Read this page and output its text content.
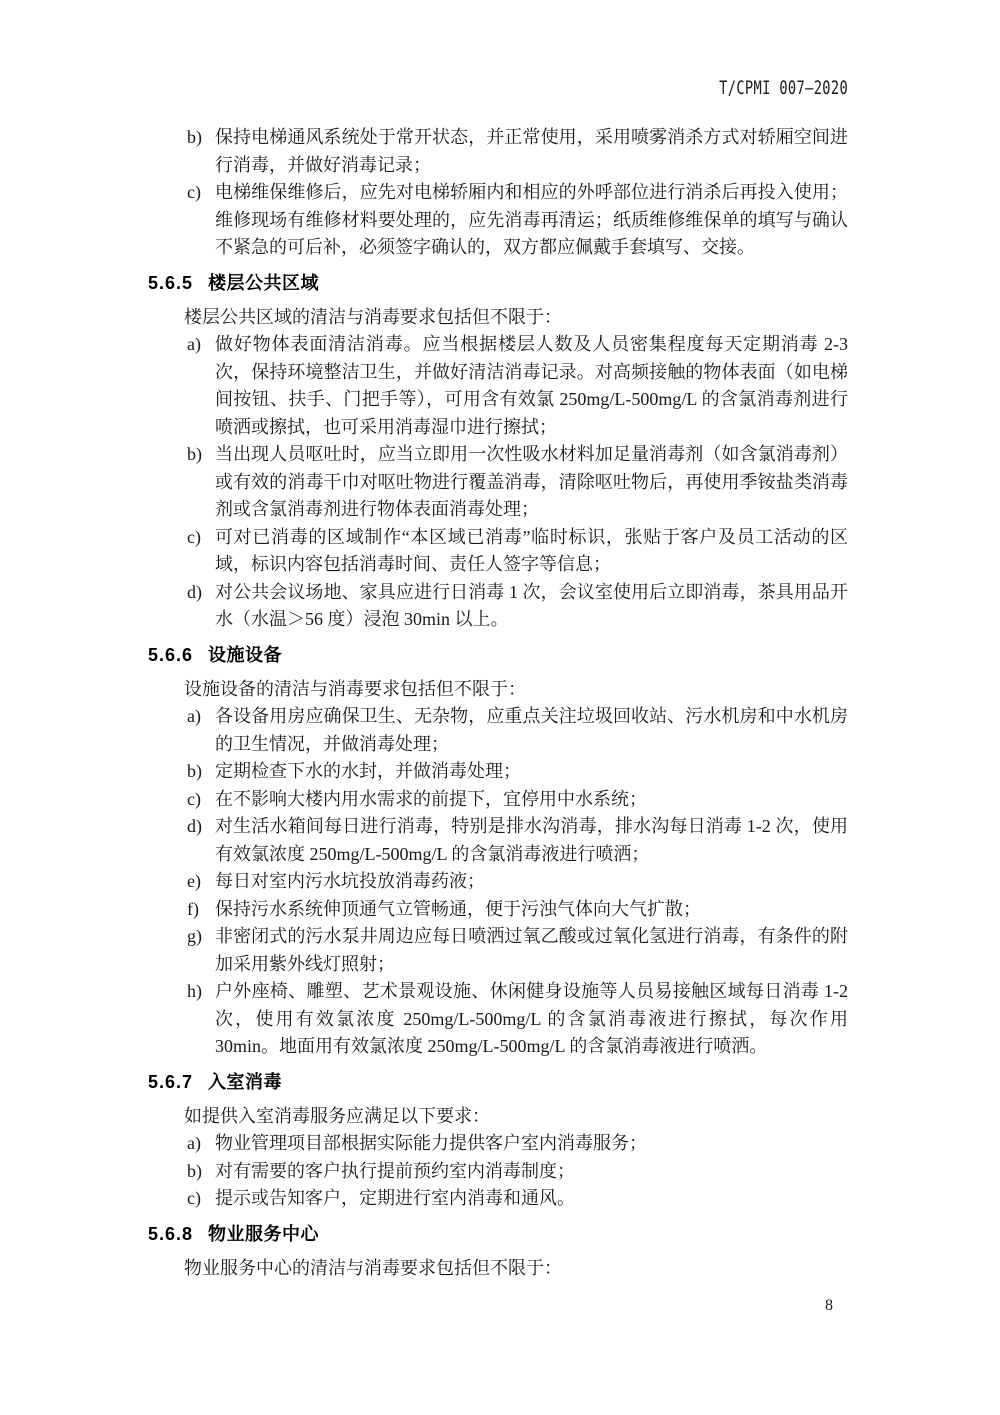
T/CPMI 007—2020
b) 保持电梯通风系统处于常开状态，并正常使用，采用喷雾消杀方式对轿厢空间进行消毒，并做好消毒记录；
c) 电梯维保维修后，应先对电梯轿厢内和相应的外呼部位进行消杀后再投入使用；维修现场有维修材料要处理的，应先消毒再清运；纸质维修维保单的填写与确认不紧急的可后补，必须签字确认的，双方都应佩戴手套填写、交接。
5.6.5 楼层公共区域

楼层公共区域的清洁与消毒要求包括但不限于：

a) 做好物体表面清洁消毒。应当根据楼层人数及人员密集程度每天定期消毒 2-3 次，保持环境整洁卫生，并做好清洁消毒记录。对高频接触的物体表面（如电梯间按钮、扶手、门把手等），可用含有效氯 250mg/L-500mg/L 的含氯消毒剂进行喷洒或擦拭，也可采用消毒湿巾进行擦拭；
b) 当出现人员呕吐时，应当立即用一次性吸水材料加足量消毒剂（如含氯消毒剂）或有效的消毒干巾对呕吐物进行覆盖消毒，清除呕吐物后，再使用季铵盐类消毒剂或含氯消毒剂进行物体表面消毒处理；
c) 可对已消毒的区域制作“本区域已消毒”临时标识，张贴于客户及员工活动的区域，标识内容包括消毒时间、责任人签字等信息；
d) 对公共会议场地、家具应进行日消毒 1 次，会议室使用后立即消毒，茶具用品开水（水温＞56 度）浸泡 30min 以上。
5.6.6 设施设备

设施设备的清洁与消毒要求包括但不限于：

a) 各设备用房应确保卫生、无杂物，应重点关注垃圾回收站、污水机房和中水机房的卫生情况，并做消毒处理；
b) 定期检查下水的水封，并做消毒处理；
c) 在不影响大楼内用水需求的前提下，宜停用中水系统；
d) 对生活水箱间每日进行消毒，特别是排水沟消毒，排水沟每日消毒 1-2 次，使用有效氯浓度 250mg/L-500mg/L 的含氯消毒液进行喷洒；
e) 每日对室内污水坑投放消毒药液；
f) 保持污水系统伸顶通气立管畅通，便于污浊气体向大气扩散；
g) 非密闭式的污水泵井周边应每日喷洒过氧乙酸或过氧化氢进行消毒，有条件的附加采用紫外线灯照射；
h) 户外座椅、雕塑、艺术景观设施、休闲健身设施等人员易接触区域每日消毒 1-2 次，使用有效氯浓度 250mg/L-500mg/L 的含氯消毒液进行擦拭，每次作用 30min。地面用有效氯浓度 250mg/L-500mg/L 的含氯消毒液进行喷洒。
5.6.7 入室消毒

如提供入室消毒服务应满足以下要求：

a) 物业管理项目部根据实际能力提供客户室内消毒服务；
b) 对有需要的客户执行提前预约室内消毒制度；
c) 提示或告知客户，定期进行室内消毒和通风。
5.6.8 物业服务中心

物业服务中心的清洁与消毒要求包括但不限于：

8
